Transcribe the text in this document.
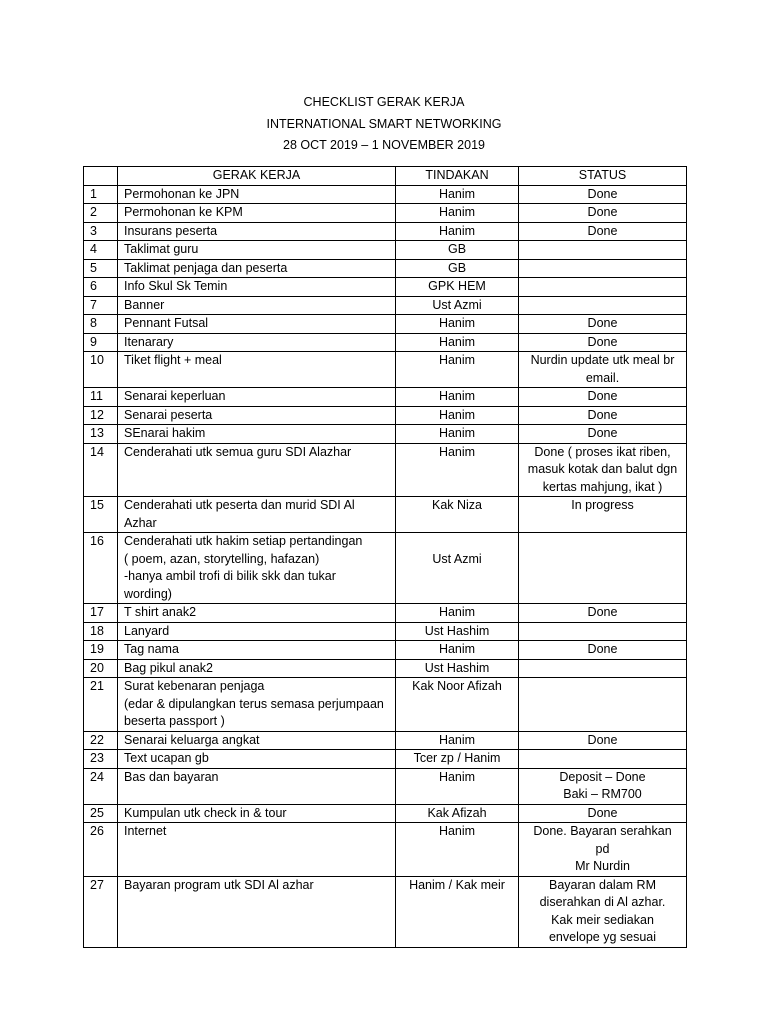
CHECKLIST GERAK KERJA
INTERNATIONAL SMART NETWORKING
28 OCT 2019 – 1 NOVEMBER 2019
	GERAK KERJA	TINDAKAN	STATUS
1	Permohonan ke JPN	Hanim	Done

2	Permohonan ke KPM	Hanim	Done

3	Insurans peserta	Hanim	Done

4	Taklimat guru	GB	

5	Taklimat penjaga dan peserta	GB	

6	Info Skul Sk Temin	GPK HEM	

7	Banner	Ust Azmi	

8	Pennant Futsal	Hanim	Done

9	Itenarary	Hanim	Done

10	Tiket flight + meal	Hanim	Nurdin update utk meal br
email.

11	Senarai keperluan	Hanim	Done

12	Senarai peserta	Hanim	Done

13	SEnarai hakim	Hanim	Done

14	Cenderahati utk semua guru SDI Alazhar	Hanim	Done ( proses ikat riben,
masuk kotak dan balut dgn
kertas mahjung, ikat )

15	Cenderahati utk peserta dan murid SDI Al
Azhar	Kak Niza	In progress

16	Cenderahati utk hakim setiap pertandingan
( poem, azan, storytelling, hafazan)
-hanya ambil trofi di bilik skk dan tukar
wording)	Ust Azmi	

17	T shirt anak2	Hanim	Done

18	Lanyard	Ust Hashim	

19	Tag nama	Hanim	Done

20	Bag pikul anak2	Ust Hashim	

21	Surat kebenaran penjaga
(edar & dipulangkan terus semasa perjumpaan
beserta passport )	Kak Noor Afizah	

22	Senarai keluarga angkat	Hanim	Done

23	Text ucapan gb	Tcer zp / Hanim	

24	Bas dan bayaran	Hanim	Deposit – Done
Baki – RM700

25	Kumpulan utk check in & tour	Kak Afizah	Done

26	Internet	Hanim	Done. Bayaran serahkan pd
Mr Nurdin

27	Bayaran program utk SDI Al azhar	Hanim / Kak meir	Bayaran dalam RM
diserahkan di Al azhar.
Kak meir sediakan
envelope yg sesuai
